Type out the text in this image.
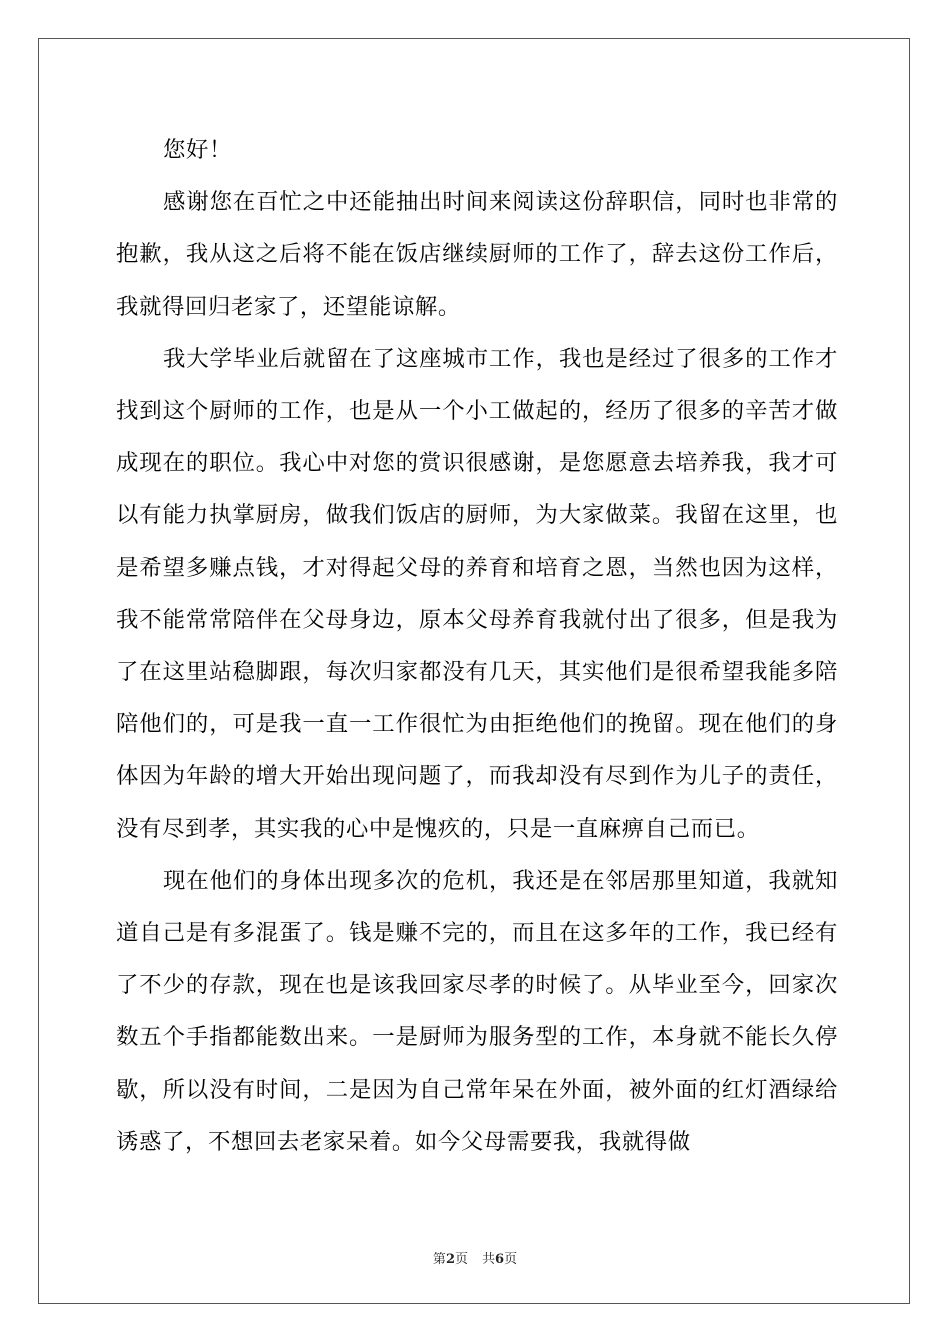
您好！

感谢您在百忙之中还能抽出时间来阅读这份辞职信，同时也非常的抱歉，我从这之后将不能在饭店继续厨师的工作了，辞去这份工作后，我就得回归老家了，还望能谅解。

我大学毕业后就留在了这座城市工作，我也是经过了很多的工作才找到这个厨师的工作，也是从一个小工做起的，经历了很多的辛苦才做成现在的职位。我心中对您的赏识很感谢，是您愿意去培养我，我才可以有能力执掌厨房，做我们饭店的厨师，为大家做菜。我留在这里，也是希望多赚点钱，才对得起父母的养育和培育之恩，当然也因为这样，我不能常常陪伴在父母身边，原本父母养育我就付出了很多，但是我为了在这里站稳脚跟，每次归家都没有几天，其实他们是很希望我能多陪陪他们的，可是我一直一工作很忙为由拒绝他们的挽留。现在他们的身体因为年龄的增大开始出现问题了，而我却没有尽到作为儿子的责任，没有尽到孝，其实我的心中是愧疚的，只是一直麻痹自己而已。

现在他们的身体出现多次的危机，我还是在邻居那里知道，我就知道自己是有多混蛋了。钱是赚不完的，而且在这多年的工作，我已经有了不少的存款，现在也是该我回家尽孝的时候了。从毕业至今，回家次数五个手指都能数出来。一是厨师为服务型的工作，本身就不能长久停歇，所以没有时间，二是因为自己常年呆在外面，被外面的红灯酒绿给诱惑了，不想回去老家呆着。如今父母需要我，我就得做

第2页 共6页
